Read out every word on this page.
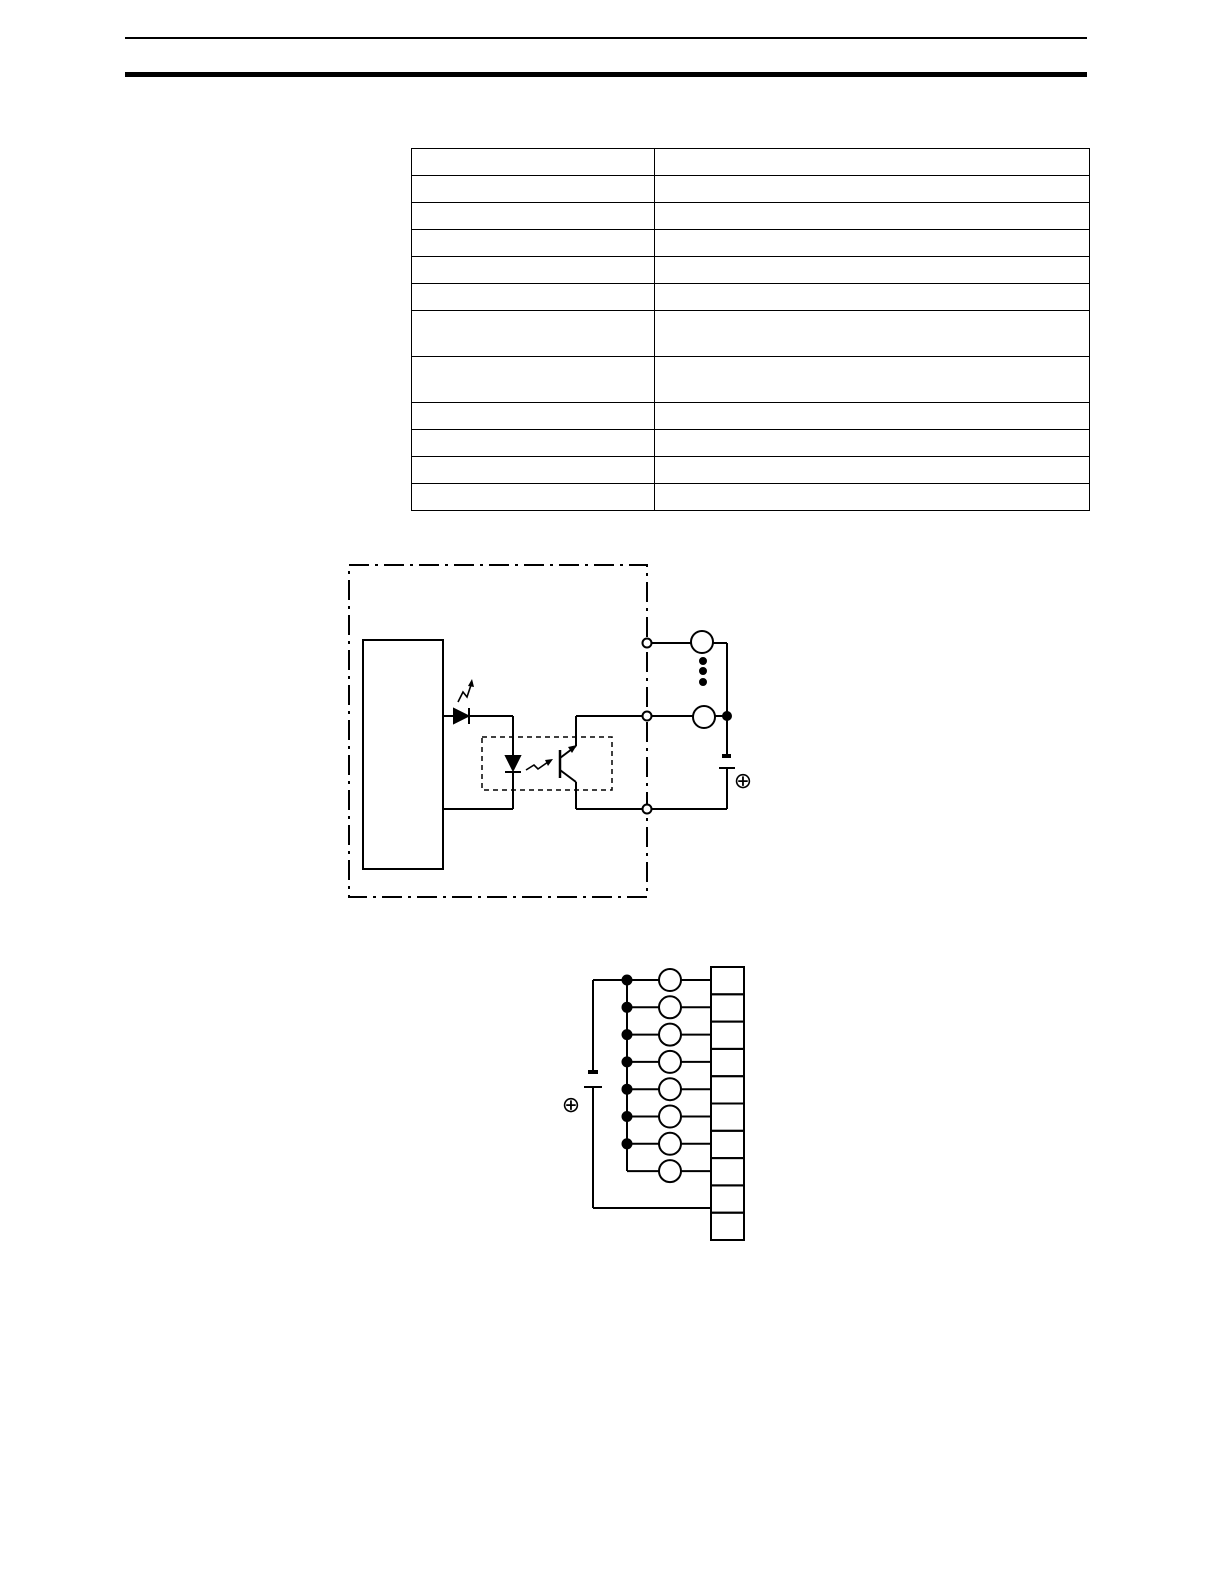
⊕
⊕
